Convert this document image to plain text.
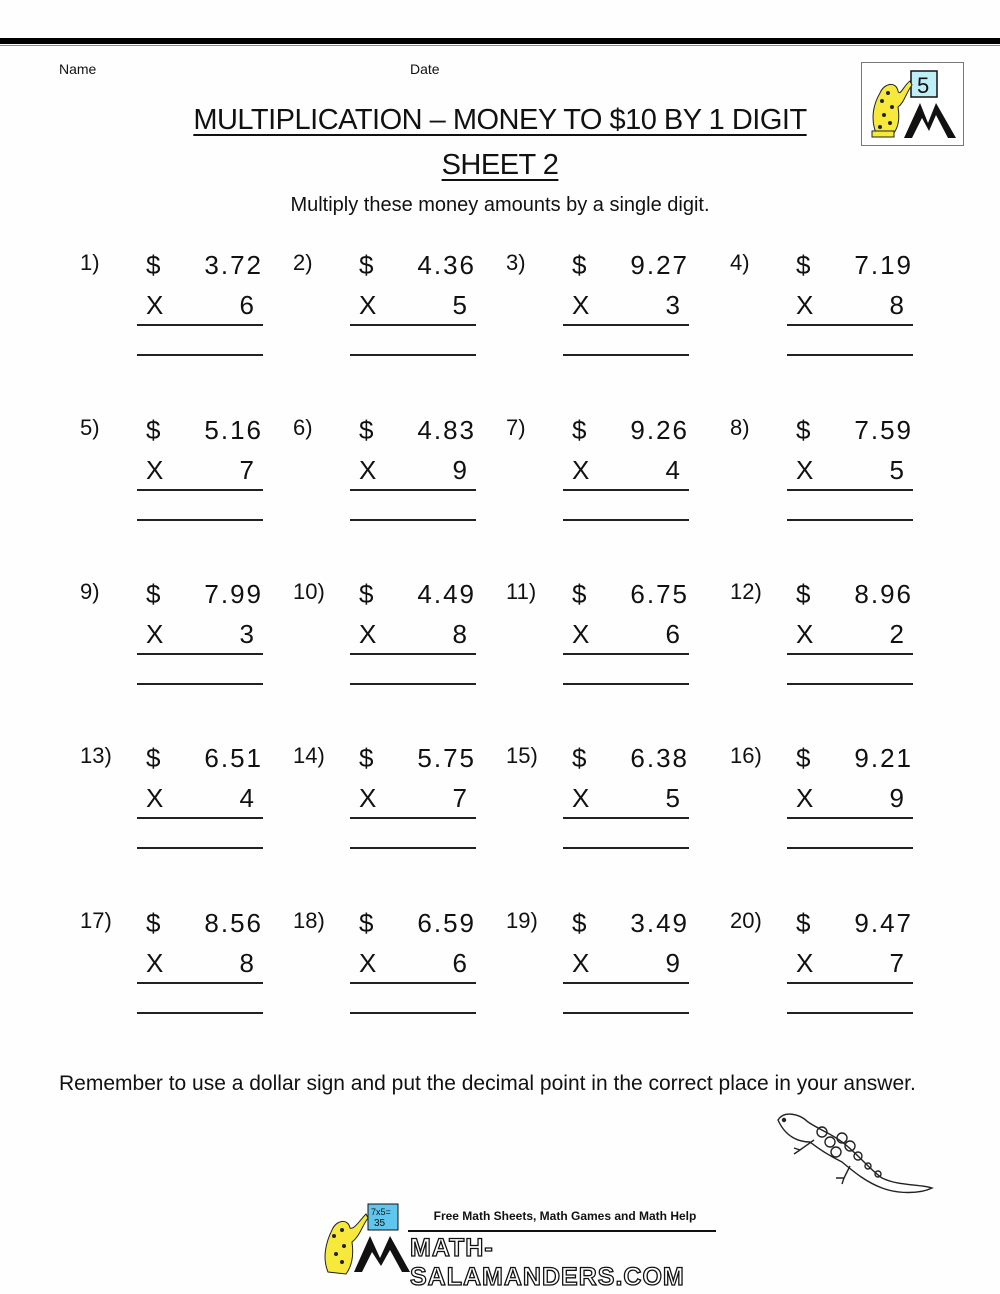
Name	Date
5
MULTIPLICATION – MONEY TO $10 BY 1 DIGIT
SHEET 2
Multiply these money amounts by a single digit.
1) $ 3.72
X	6
2) $ 4.36
X	5
3) $ 9.27
X	3
4) $ 7.19
X	8
5) $ 5.16
X	7
6) $ 4.83
X	9
7) $ 9.26
X	4
8) $ 7.59
X	5
9) $ 7.99
X	3
10) $ 4.49
X	8
11) $ 6.75
X	6
12) $ 8.96
X	2
13) $ 6.51
X	4
14) $ 5.75
X	7
15) $ 6.38
X	5
16) $ 9.21
X	9
17) $ 8.56
X	8
18) $ 6.59
X	6
19) $ 3.49
X	9
20) $ 9.47
X	7
Remember to use a dollar sign and put the decimal point in the correct place in your answer.
7x5=
35
Free Math Sheets, Math Games and Math Help
MATH-SALAMANDERS.COM
